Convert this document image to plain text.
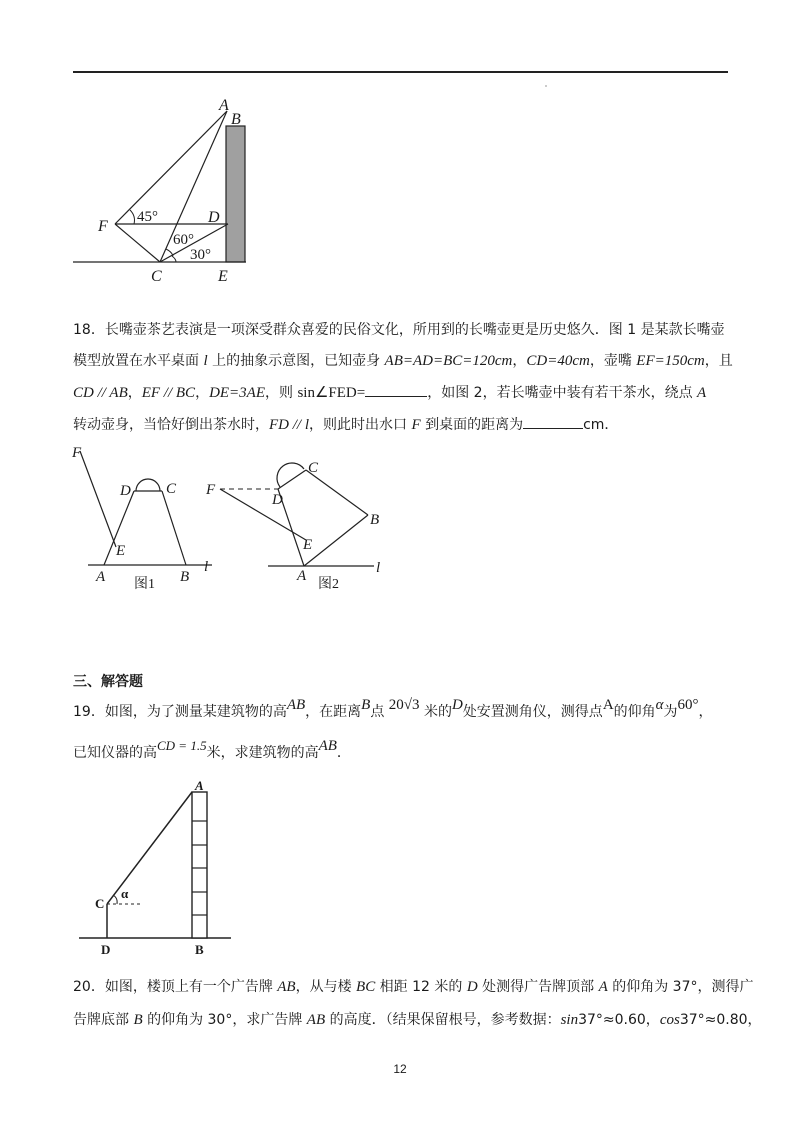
A
B
F
D
C	E
45°
60°
30°
18．长嘴壶茶艺表演是一项深受群众喜爱的民俗文化，所用到的长嘴壶更是历史悠久．图 1 是某款长嘴壶
模型放置在水平桌面 l 上的抽象示意图，已知壶身 AB=AD=BC=120cm，CD=40cm，壶嘴 EF=150cm，且
CD // AB，EF // BC，DE=3AE，则 sin∠FED=	，如图 2，若长嘴壶中装有若干茶水，绕点 A
转动壶身，当恰好倒出茶水时，FD // l，则此时出水口 F 到桌面的距离为	cm．
F
D C
E
A	B
l
图1
C
F
D
B
E
A	l
图2
三、解答题
19．如图，为了测量某建筑物的高AB，在距离B点 20√3 米的D处安置测角仪，测得点A的仰角α为60°，
已知仪器的高CD = 1.5米，求建筑物的高AB．
A
C
α
D	B
20．如图，楼顶上有一个广告牌 AB，从与楼 BC 相距 12 米的 D 处测得广告牌顶部 A 的仰角为 37°，测得广
告牌底部 B 的仰角为 30°，求广告牌 AB 的高度．（结果保留根号，参考数据：sin37°≈0.60，cos37°≈0.80，
12
